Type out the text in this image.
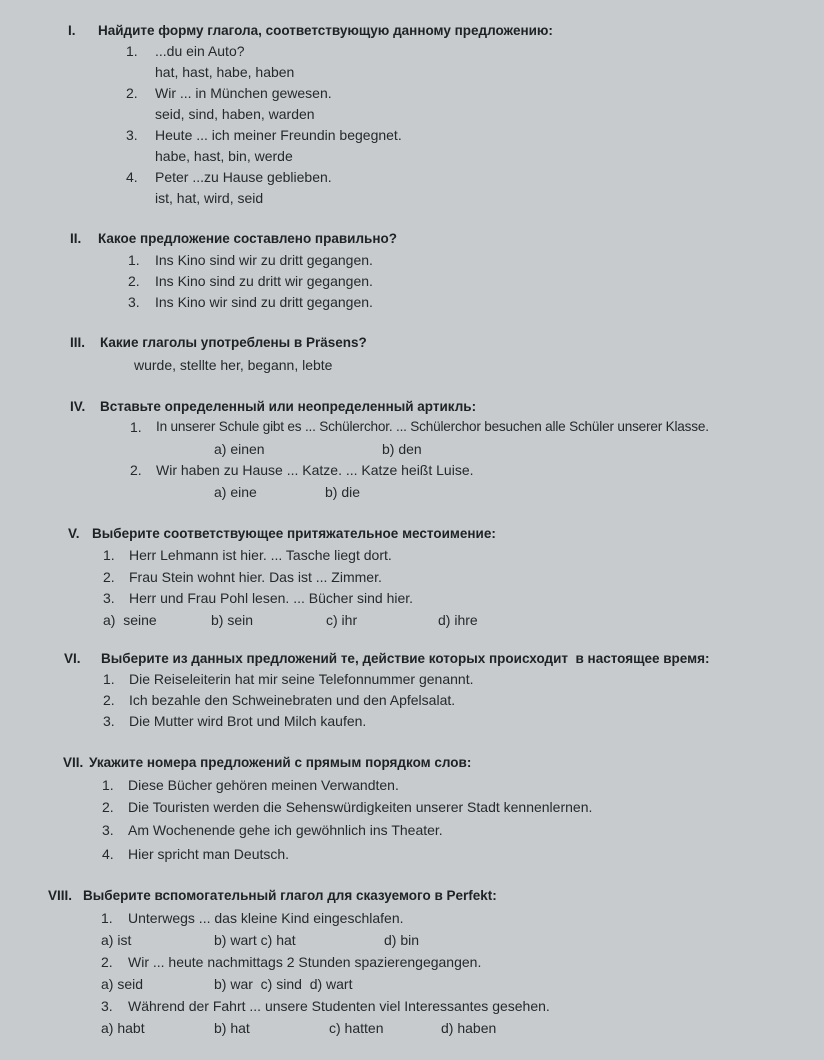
I. Найдите форму глагола, соответствующую данному предложению:
1. ...du ein Auto?
hat, hast, habe, haben
2. Wir ... in München gewesen.
seid, sind, haben, warden
3. Heute ... ich meiner Freundin begegnet.
habe, hast, bin, werde
4. Peter ...zu Hause geblieben.
ist, hat, wird, seid
II. Какое предложение составлено правильно?
1. Ins Kino sind wir zu dritt gegangen.
2. Ins Kino sind zu dritt wir gegangen.
3. Ins Kino wir sind zu dritt gegangen.
III. Какие глаголы употреблены в Präsens?
wurde, stellte her, begann, lebte
IV. Вставьте определенный или неопределенный артикль:
1. In unserer Schule gibt es ... Schülerchor. ... Schülerchor besuchen alle Schüler unserer Klasse.
a) einen	b) den
2. Wir haben zu Hause ... Katze. ... Katze heißt Luise.
a) eine	b) die
V. Выберите соответствующее притяжательное местоимение:
1. Herr Lehmann ist hier. ... Tasche liegt dort.
2. Frau Stein wohnt hier. Das ist ... Zimmer.
3. Herr und Frau Pohl lesen. ... Bücher sind hier.
a)  seine	b) sein	c) ihr	d) ihre
VI. Выберите из данных предложений те, действие которых происходит  в настоящее время:
1. Die Reiseleiterin hat mir seine Telefonnummer genannt.
2. Ich bezahle den Schweinebraten und den Apfelsalat.
3. Die Mutter wird Brot und Milch kaufen.
VII. Укажите номера предложений с прямым порядком слов:
1. Diese Bücher gehören meinen Verwandten.
2. Die Touristen werden die Sehenswürdigkeiten unserer Stadt kennenlernen.
3. Am Wochenende gehe ich gewöhnlich ins Theater.
4. Hier spricht man Deutsch.
VIII. Выберите вспомогательный глагол для сказуемого в Perfekt:
1. Unterwegs ... das kleine Kind eingeschlafen.
a) ist	b) wart c) hat	d) bin
2. Wir ... heute nachmittags 2 Stunden spazierengegangen.
a) seid	b) war  c) sind  d) wart
3. Während der Fahrt ... unsere Studenten viel Interessantes gesehen.
a) habt	b) hat	c) hatten	d) haben
